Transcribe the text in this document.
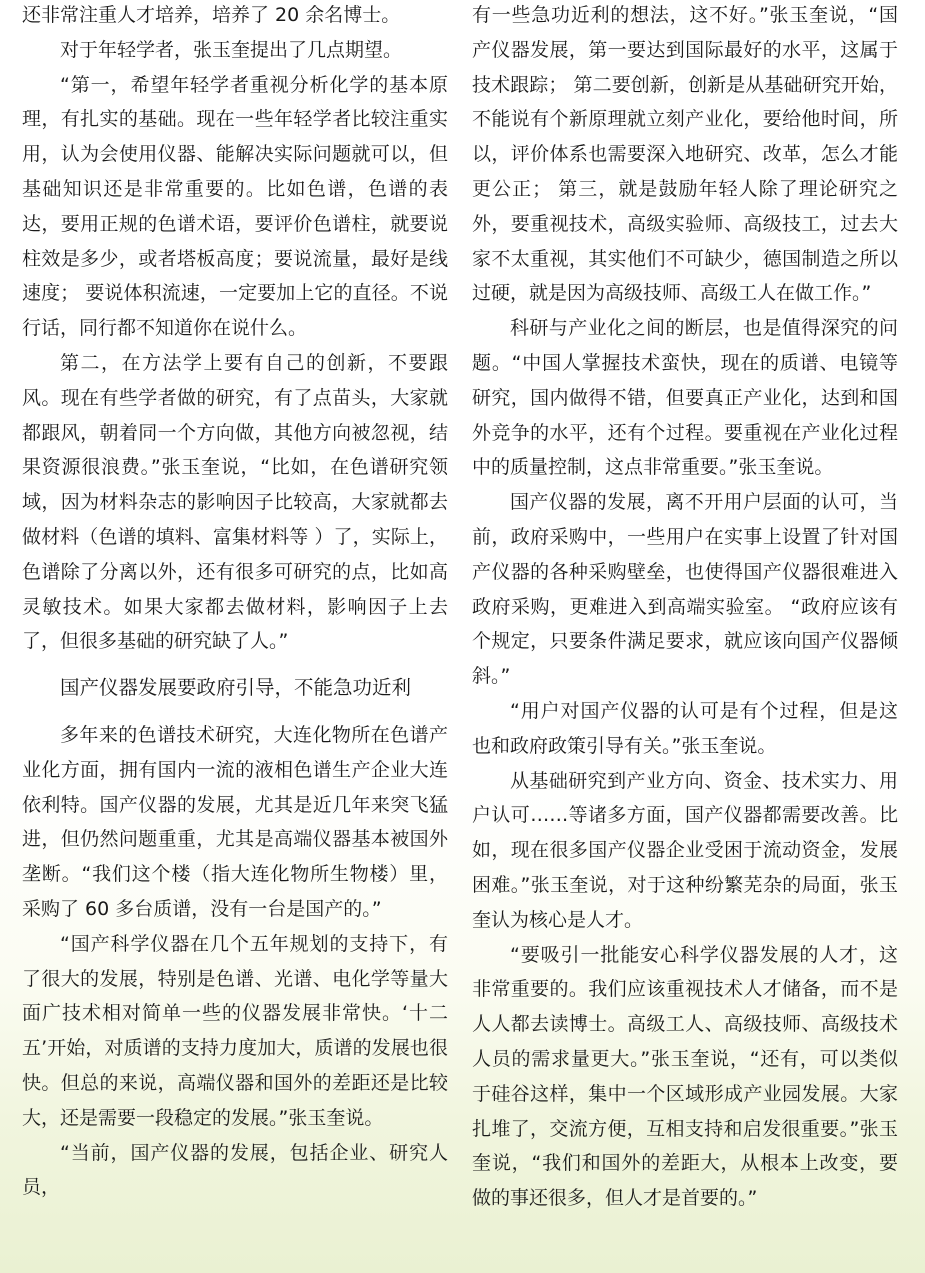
还非常注重人才培养，培养了 20 余名博士。

对于年轻学者，张玉奎提出了几点期望。

“第一，希望年轻学者重视分析化学的基本原理，有扎实的基础。现在一些年轻学者比较注重实用，认为会使用仪器、能解决实际问题就可以，但基础知识还是非常重要的。比如色谱，色谱的表达，要用正规的色谱术语，要评价色谱柱，就要说柱效是多少，或者塔板高度；要说流量，最好是线速度； 要说体积流速，一定要加上它的直径。不说行话，同行都不知道你在说什么。

第二，在方法学上要有自己的创新，不要跟风。现在有些学者做的研究，有了点苗头，大家就都跟风，朝着同一个方向做，其他方向被忽视，结果资源很浪费。”张玉奎说，“比如，在色谱研究领域，因为材料杂志的影响因子比较高，大家就都去做材料（色谱的填料、富集材料等 ）了，实际上，色谱除了分离以外，还有很多可研究的点，比如高灵敏技术。如果大家都去做材料，影响因子上去了，但很多基础的研究缺了人。”

国产仪器发展要政府引导，不能急功近利

多年来的色谱技术研究，大连化物所在色谱产业化方面，拥有国内一流的液相色谱生产企业大连依利特。国产仪器的发展，尤其是近几年来突飞猛进，但仍然问题重重，尤其是高端仪器基本被国外垄断。“我们这个楼（指大连化物所生物楼）里，采购了 60 多台质谱，没有一台是国产的。”

“国产科学仪器在几个五年规划的支持下，有了很大的发展，特别是色谱、光谱、电化学等量大面广技术相对简单一些的仪器发展非常快。‘十二五’开始，对质谱的支持力度加大，质谱的发展也很快。但总的来说，高端仪器和国外的差距还是比较大，还是需要一段稳定的发展。”张玉奎说。

“当前，国产仪器的发展，包括企业、研究人员，

有一些急功近利的想法，这不好。”张玉奎说，“国产仪器发展，第一要达到国际最好的水平，这属于技术跟踪； 第二要创新，创新是从基础研究开始，不能说有个新原理就立刻产业化，要给他时间，所以，评价体系也需要深入地研究、改革，怎么才能更公正； 第三，就是鼓励年轻人除了理论研究之外，要重视技术，高级实验师、高级技工，过去大家不太重视，其实他们不可缺少，德国制造之所以过硬，就是因为高级技师、高级工人在做工作。”

科研与产业化之间的断层，也是值得深究的问题。“中国人掌握技术蛮快，现在的质谱、电镜等研究，国内做得不错，但要真正产业化，达到和国外竞争的水平，还有个过程。要重视在产业化过程中的质量控制，这点非常重要。”张玉奎说。

国产仪器的发展，离不开用户层面的认可，当前，政府采购中，一些用户在实事上设置了针对国产仪器的各种采购壁垒，也使得国产仪器很难进入政府采购，更难进入到高端实验室。 “政府应该有个规定，只要条件满足要求，就应该向国产仪器倾斜。”

“用户对国产仪器的认可是有个过程，但是这也和政府政策引导有关。”张玉奎说。

从基础研究到产业方向、资金、技术实力、用户认可……等诸多方面，国产仪器都需要改善。比如，现在很多国产仪器企业受困于流动资金，发展困难。”张玉奎说，对于这种纷繁芜杂的局面，张玉奎认为核心是人才。

“要吸引一批能安心科学仪器发展的人才，这非常重要的。我们应该重视技术人才储备，而不是人人都去读博士。高级工人、高级技师、高级技术人员的需求量更大。”张玉奎说，“还有，可以类似于硅谷这样，集中一个区域形成产业园发展。大家扎堆了，交流方便，互相支持和启发很重要。”张玉奎说，“我们和国外的差距大，从根本上改变，要做的事还很多，但人才是首要的。”
